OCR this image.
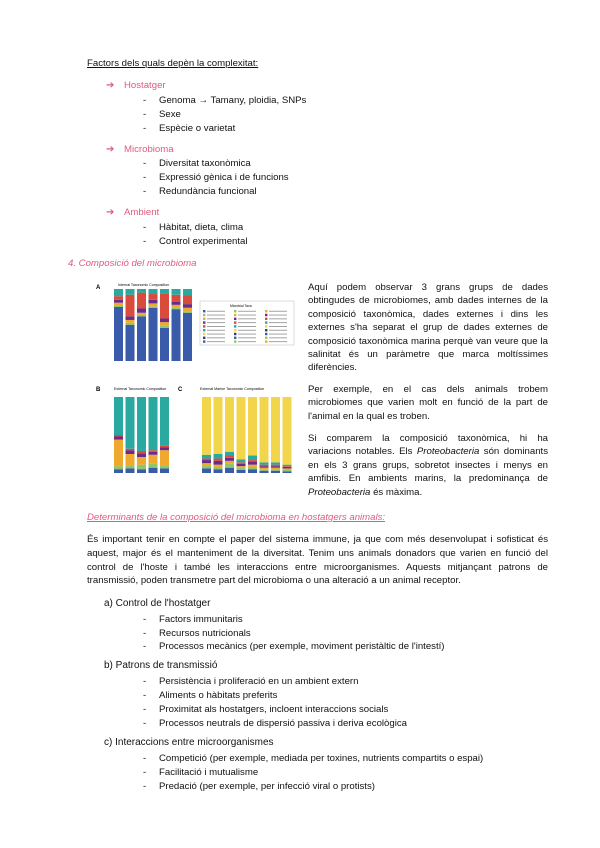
Factors dels quals depèn la complexitat:
➔	Hostatger
- Genoma → Tamany, ploidia, SNPs
- Sexe
- Espècie o varietat
➔	Microbioma
- Diversitat taxonòmica
- Expressió gènica i de funcions
- Redundància funcional
➔	Ambient
- Hàbitat, dieta, clima
- Control experimental
4. Composició del microbioma
A	Internal Taxonomic Composition
Microbial Taxa
B	External Taxonomic Composition C	External Marine Taxonomic Composition
Aquí podem observar 3 grans grups de dades obtingudes de microbiomes, amb dades internes de la composició taxonòmica, dades externes i dins les externes s'ha separat el grup de dades externes de composició taxonòmica marina perquè van veure que la salinitat és un paràmetre que marca moltíssimes diferències.
Per exemple, en el cas dels animals trobem microbiomes que varien molt en funció de la part de l'animal en la qual es troben.
Si comparem la composició taxonòmica, hi ha variacions notables. Els Proteobacteria són dominants en els 3 grans grups, sobretot insectes i menys en amfibis. En ambients marins, la predominança de Proteobacteria és màxima.
Determinants de la composició del microbioma en hostatgers animals:
És important tenir en compte el paper del sistema immune, ja que com més desenvolupat i sofisticat és aquest, major és el manteniment de la diversitat. Tenim uns animals donadors que varien en funció del control de l'hoste i també les interaccions entre microorganismes. Aquests mitjançant patrons de transmissió, poden transmetre part del microbioma o una alteració a un animal receptor.
a) Control de l'hostatger
- Factors immunitaris
- Recursos nutricionals
- Processos mecànics (per exemple, moviment peristàltic de l'intestí)
b) Patrons de transmissió
- Persistència i proliferació en un ambient extern
- Aliments o hàbitats preferits
- Proximitat als hostatgers, incloent interaccions socials
- Processos neutrals de dispersió passiva i deriva ecològica
c) Interaccions entre microorganismes
- Competició (per exemple, mediada per toxines, nutrients compartits o espai)
- Facilitació i mutualisme
- Predació (per exemple, per infecció viral o protists)
